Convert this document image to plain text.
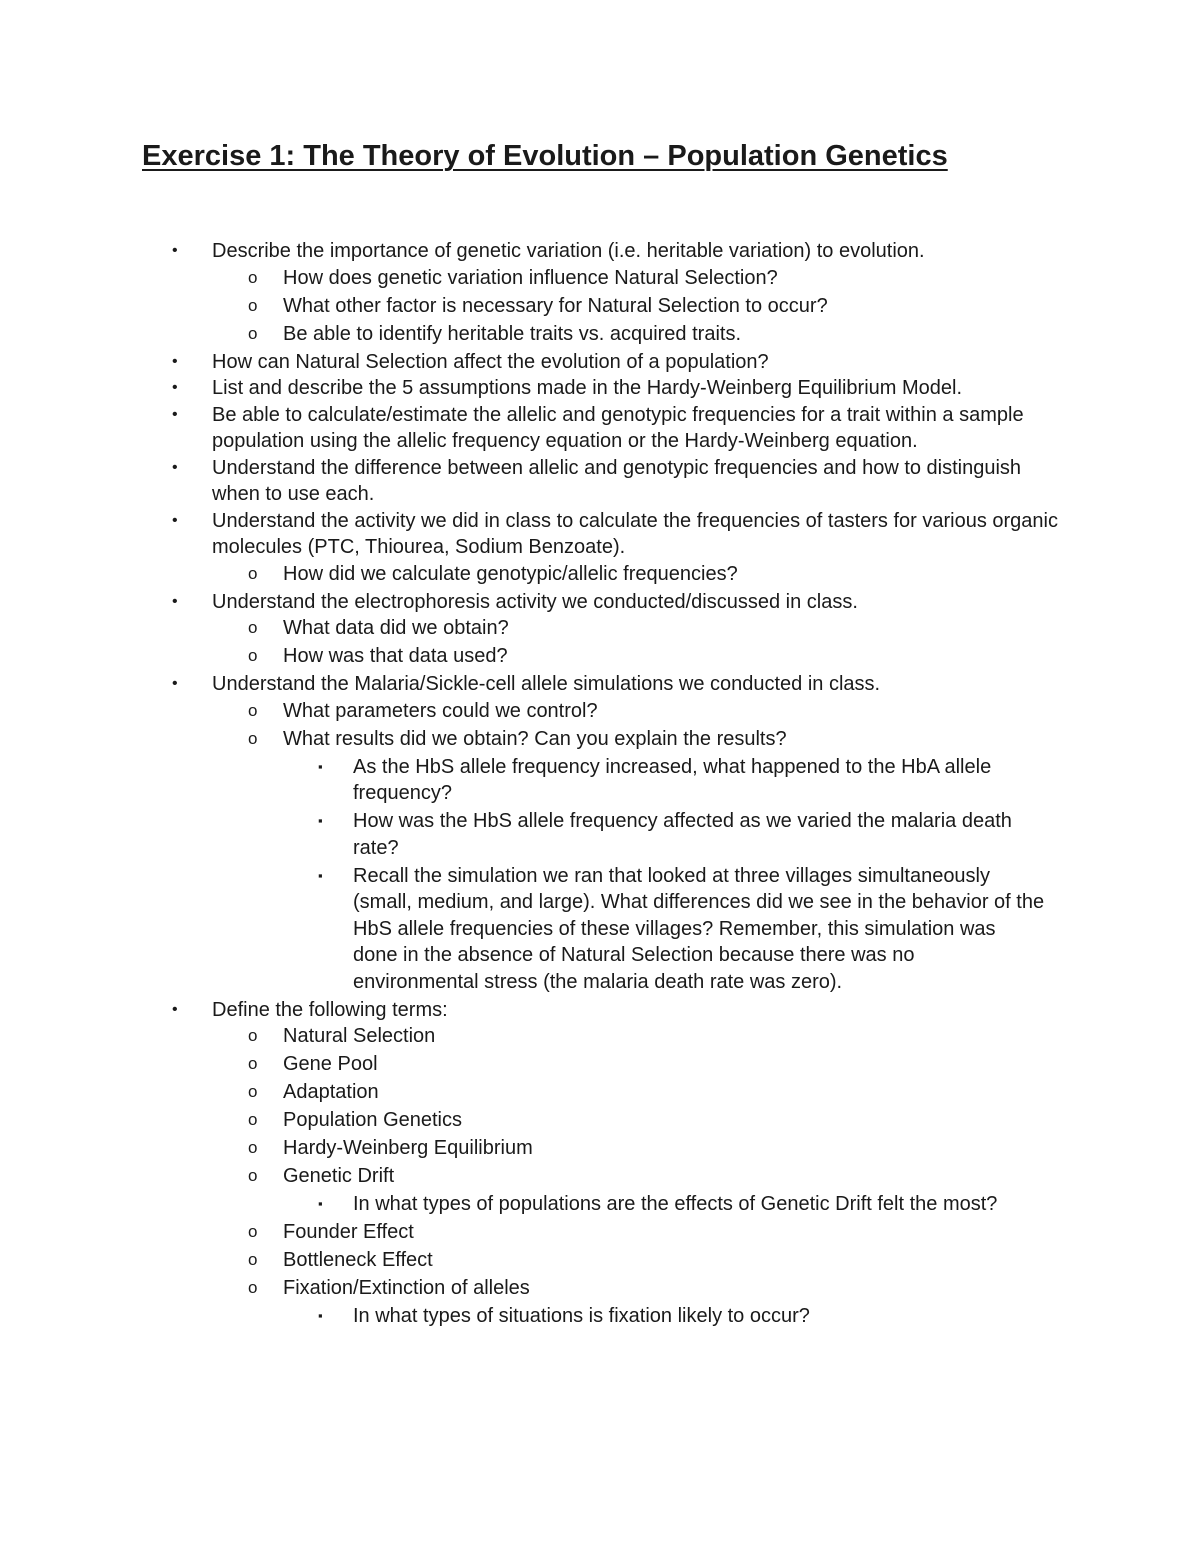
Exercise 1: The Theory of Evolution – Population Genetics
• Describe the importance of genetic variation (i.e. heritable variation) to evolution.
o How does genetic variation influence Natural Selection?
o What other factor is necessary for Natural Selection to occur?
o Be able to identify heritable traits vs. acquired traits.
• How can Natural Selection affect the evolution of a population?
• List and describe the 5 assumptions made in the Hardy-Weinberg Equilibrium Model.
• Be able to calculate/estimate the allelic and genotypic frequencies for a trait within a sample population using the allelic frequency equation or the Hardy-Weinberg equation.
• Understand the difference between allelic and genotypic frequencies and how to distinguish when to use each.
• Understand the activity we did in class to calculate the frequencies of tasters for various organic molecules (PTC, Thiourea, Sodium Benzoate).
o How did we calculate genotypic/allelic frequencies?
• Understand the electrophoresis activity we conducted/discussed in class.
o What data did we obtain?
o How was that data used?
• Understand the Malaria/Sickle-cell allele simulations we conducted in class.
o What parameters could we control?
o What results did we obtain? Can you explain the results?
▪ As the HbS allele frequency increased, what happened to the HbA allele frequency?
▪ How was the HbS allele frequency affected as we varied the malaria death rate?
▪ Recall the simulation we ran that looked at three villages simultaneously (small, medium, and large). What differences did we see in the behavior of the HbS allele frequencies of these villages? Remember, this simulation was done in the absence of Natural Selection because there was no environmental stress (the malaria death rate was zero).
• Define the following terms:
o Natural Selection
o Gene Pool
o Adaptation
o Population Genetics
o Hardy-Weinberg Equilibrium
o Genetic Drift
▪ In what types of populations are the effects of Genetic Drift felt the most?
o Founder Effect
o Bottleneck Effect
o Fixation/Extinction of alleles
▪ In what types of situations is fixation likely to occur?
